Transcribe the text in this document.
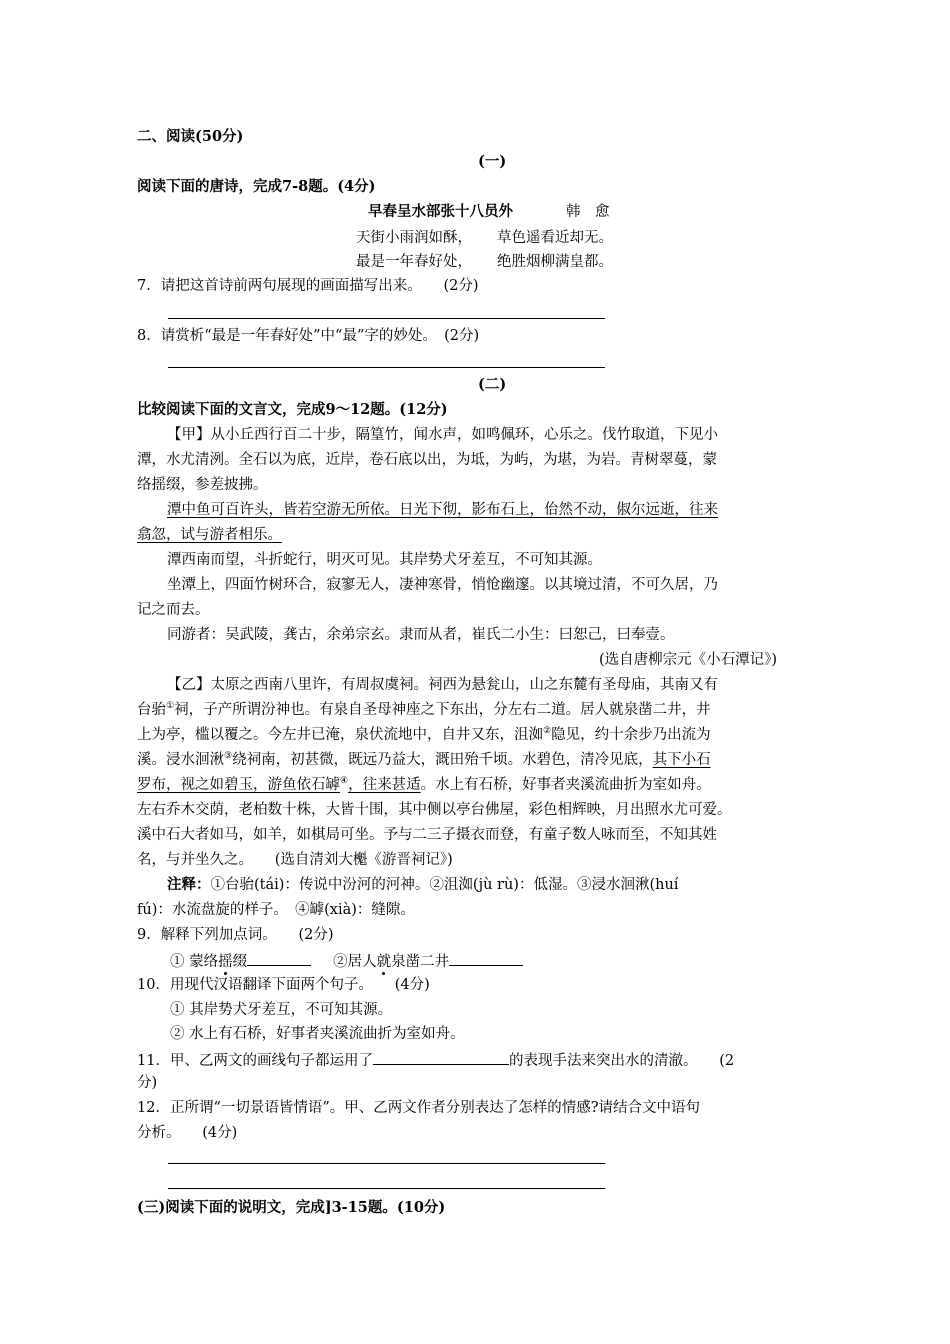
二、阅读(50分)
(一)
阅读下面的唐诗，完成7-8题。(4分)
早春呈水部张十八员外	韩　愈
天街小雨润如酥， 草色遥看近却无。
最是一年春好处， 绝胜烟柳满皇都。
7．请把这首诗前两句展现的画面描写出来。　　(2分)
8．请赏析“最是一年春好处”中“最”字的妙处。　(2分)
(二)
比较阅读下面的文言文，完成9～12题。(12分)
【甲】从小丘西行百二十步，隔篁竹，闻水声，如鸣佩环，心乐之。伐竹取道，下见小
潭，水尤清洌。全石以为底，近岸，卷石底以出，为坻，为屿，为堪，为岩。青树翠蔓，蒙
络摇缀，参差披拂。
潭中鱼可百许头，皆若空游无所依。日光下彻，影布石上，佁然不动，俶尔远逝，往来
翕忽，试与游者相乐。
潭西南而望，斗折蛇行，明灭可见。其岸势犬牙差互，不可知其源。
坐潭上，四面竹树环合，寂寥无人，凄神寒骨，悄怆幽邃。以其境过清，不可久居，乃
记之而去。
同游者：吴武陵，龚古，余弟宗玄。隶而从者，崔氏二小生：曰恕己，曰奉壹。
(选自唐柳宗元《小石潭记》)
【乙】太原之西南八里许，有周叔虞祠。祠西为悬瓮山，山之东麓有圣母庙，其南又有
台骀①祠，子产所谓汾神也。有泉自圣母神座之下东出，分左右二道。居人就泉凿二井，井
上为亭，槛以覆之。今左井已淹，泉伏流地中，自井又东，沮洳②隐见，约十余步乃出流为
溪。浸水洄湫③绕祠南，初甚微，既远乃益大，溉田殆千顷。水碧色，清冷见底，其下小石
罗布，视之如碧玉，游鱼依石罅④，往来甚适。水上有石桥，好事者夹溪流曲折为室如舟。
左右乔木交荫，老柏数十株，大皆十围，其中侧以亭台佛屋，彩色相辉映，月出照水尤可爱。
溪中石大者如马，如羊，如棋局可坐。予与二三子摄衣而登，有童子数人咏而至，不知其姓
名，与并坐久之。　　(选自清刘大櫆《游晋祠记》)
注释：①台骀(tái)：传说中汾河的河神。②沮洳(jù rù)：低湿。③浸水洄湫(huí
fú)：水流盘旋的样子。　④罅(xià)：缝隙。
9．解释下列加点词。　　(2分)
① 蒙络摇缀	②居人就泉凿二井
10．用现代汉语翻译下面两个句子。　　(4分)
① 其岸势犬牙差互，不可知其源。
② 水上有石桥，好事者夹溪流曲折为室如舟。
11．甲、乙两文的画线句子都运用了	的表现手法来突出水的清澈。　　(2
分)
12．正所谓“一切景语皆情语”。甲、乙两文作者分别表达了怎样的情感?请结合文中语句
分析。　　(4分)
(三)阅读下面的说明文，完成]3-15题。(10分)
